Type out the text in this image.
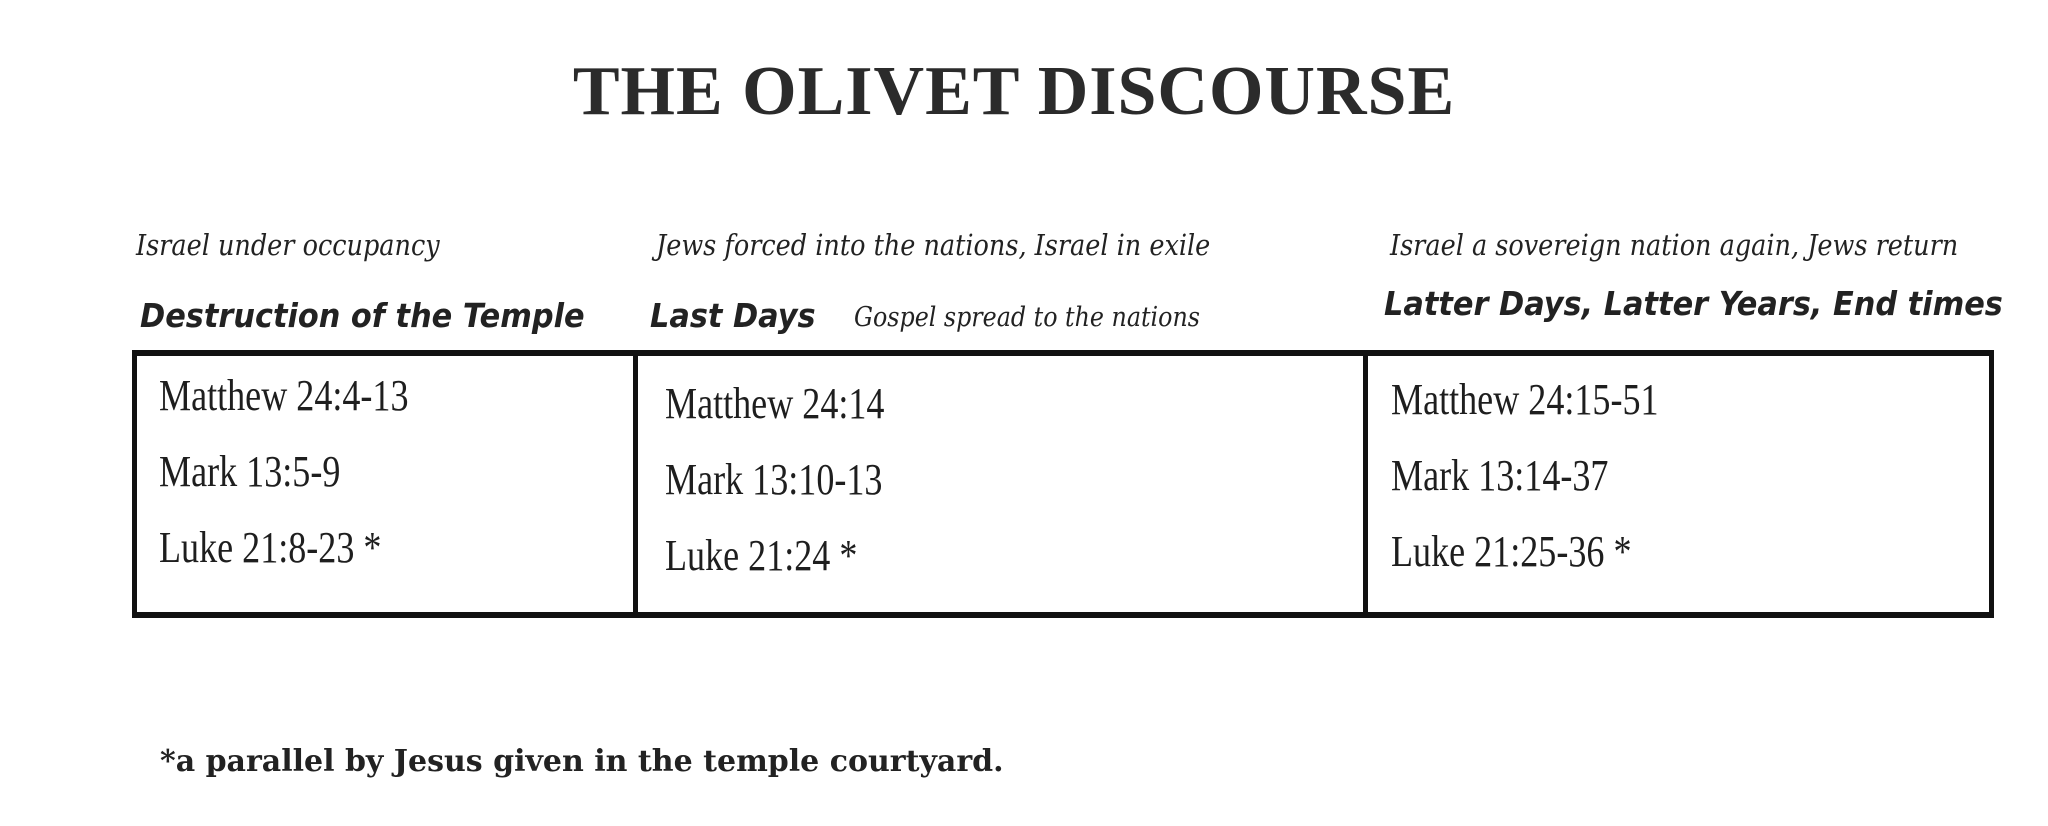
THE OLIVET DISCOURSE
Israel under occupancy
Destruction of the Temple
Jews forced into the nations, Israel in exile
Last Days Gospel spread to the nations
Israel a sovereign nation again, Jews return
Latter Days, Latter Years, End times
Matthew 24:4-13
Mark 13:5-9
Luke 21:8-23 *
Matthew 24:14
Mark 13:10-13
Luke 21:24 *
Matthew 24:15-51
Mark 13:14-37
Luke 21:25-36 *
*a parallel by Jesus given in the temple courtyard.
